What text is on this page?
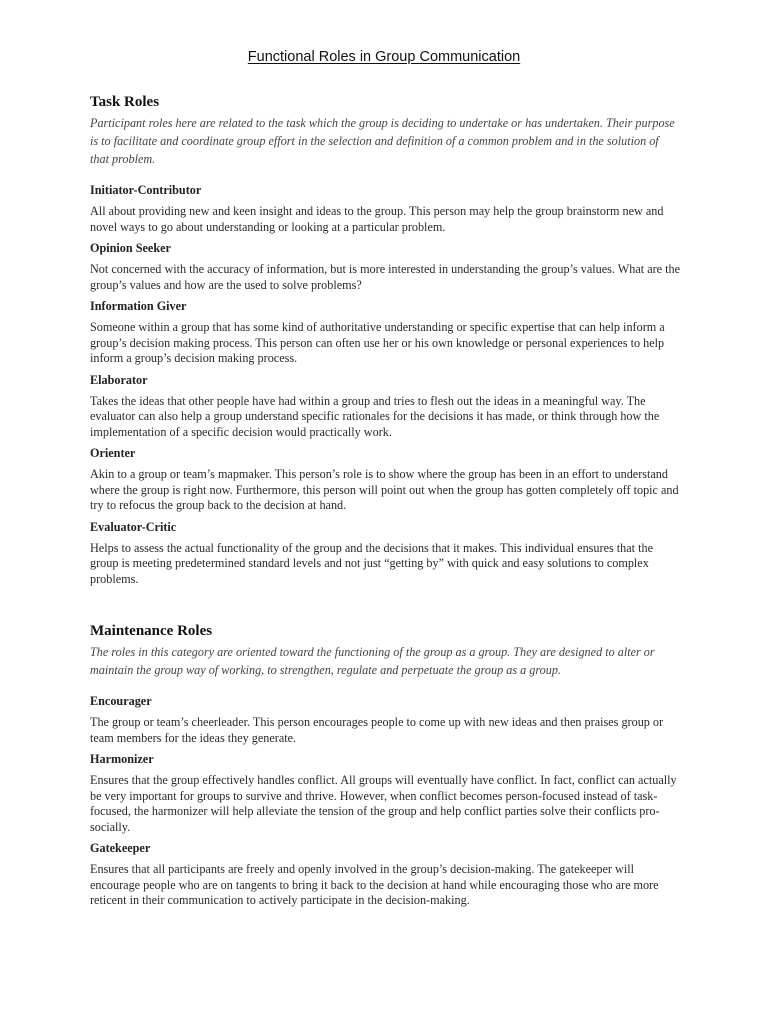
Functional Roles in Group Communication
Task Roles

Participant roles here are related to the task which the group is deciding to undertake or has undertaken. Their purpose is to facilitate and coordinate group effort in the selection and definition of a common problem and in the solution of that problem.

Initiator-Contributor

All about providing new and keen insight and ideas to the group. This person may help the group brainstorm new and novel ways to go about understanding or looking at a particular problem.

Opinion Seeker

Not concerned with the accuracy of information, but is more interested in understanding the group’s values. What are the group’s values and how are the used to solve problems?

Information Giver

Someone within a group that has some kind of authoritative understanding or specific expertise that can help inform a group’s decision making process. This person can often use her or his own knowledge or personal experiences to help inform a group’s decision making process.

Elaborator

Takes the ideas that other people have had within a group and tries to flesh out the ideas in a meaningful way. The evaluator can also help a group understand specific rationales for the decisions it has made, or think through how the implementation of a specific decision would practically work.

Orienter

Akin to a group or team’s mapmaker. This person’s role is to show where the group has been in an effort to understand where the group is right now. Furthermore, this person will point out when the group has gotten completely off topic and try to refocus the group back to the decision at hand.

Evaluator-Critic

Helps to assess the actual functionality of the group and the decisions that it makes. This individual ensures that the group is meeting predetermined standard levels and not just “getting by” with quick and easy solutions to complex problems.

Maintenance Roles

The roles in this category are oriented toward the functioning of the group as a group. They are designed to alter or maintain the group way of working, to strengthen, regulate and perpetuate the group as a group.

Encourager

The group or team’s cheerleader. This person encourages people to come up with new ideas and then praises group or team members for the ideas they generate.

Harmonizer

Ensures that the group effectively handles conflict. All groups will eventually have conflict. In fact, conflict can actually be very important for groups to survive and thrive. However, when conflict becomes person-focused instead of task-focused, the harmonizer will help alleviate the tension of the group and help conflict parties solve their conflicts pro-socially.

Gatekeeper

Ensures that all participants are freely and openly involved in the group’s decision-making. The gatekeeper will encourage people who are on tangents to bring it back to the decision at hand while encouraging those who are more reticent in their communication to actively participate in the decision-making.
